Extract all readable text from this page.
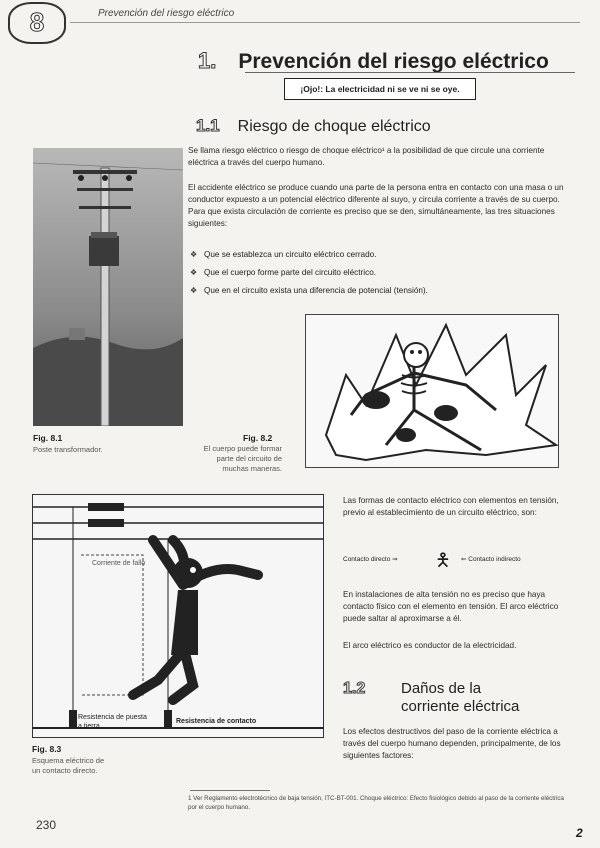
8	Prevención del riesgo eléctrico
1. Prevención del riesgo eléctrico
¡Ojo!: La electricidad ni se ve ni se oye.
1.1 Riesgo de choque eléctrico
Se llama riesgo eléctrico o riesgo de choque eléctrico¹ a la posibilidad de que circule una corriente eléctrica a través del cuerpo humano.
El accidente eléctrico se produce cuando una parte de la persona entra en contacto con una masa o un conductor expuesto a un potencial eléctrico diferente al suyo, y circula corriente a través de su cuerpo. Para que exista circulación de corriente es preciso que se den, simultáneamente, las tres situaciones siguientes:
❖ Que se establezca un circuito eléctrico cerrado.
❖ Que el cuerpo forme parte del circuito eléctrico.
❖ Que en el circuito exista una diferencia de potencial (tensión).
Fig. 8.1
Poste transformador.
Fig. 8.2
El cuerpo puede formar
parte del circuito de
muchas maneras.
Corriente de fallo
R
Resistencia de puesta a tierra
Resistencia de contacto
Fig. 8.3
Esquema eléctrico de
un contacto directo.
Las formas de contacto eléctrico con elementos en tensión, previo al establecimiento de un circuito eléctrico, son:
Contacto directo ⇒ 🯅 ⇐ Contacto indirecto
En instalaciones de alta tensión no es preciso que haya contacto físico con el elemento en tensión. El arco eléctrico puede saltar al aproximarse a él.
El arco eléctrico es conductor de la electricidad.
1.2 Daños de la
corriente eléctrica
Los efectos destructivos del paso de la corriente eléctrica a través del cuerpo humano dependen, principalmente, de los siguientes factores:
1 Ver Reglamento electrotécnico de baja tensión, ITC-BT-001. Choque eléctrico: Efecto fisiológico debido al paso de la corriente eléctrica por el cuerpo humano.
230
2
